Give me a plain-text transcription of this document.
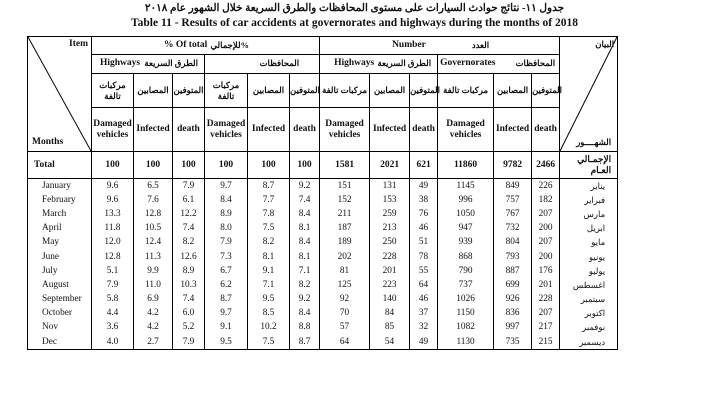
جدول ١١- نتائج حوادث السيارات على مستوى المحافظات والطرق السريعة خلال الشهور عام ٢٠١٨
Table 11 - Results of car accidents at governorates and highways during the months of 2018
Item
Months	% Of total %للإجمالي						Number العدد						البيان
الشهــــور

	Highways الطرق السريعة			المحافظات			Highways الطرق السريعة			Governorates المحافظات			

	مركبات تالفة	المصابين	المتوفين	مركبات تالفة	المصابين	المتوفين	مركبات تالفة	المصابين	المتوفين	مركبات تالفة	المصابين	المتوفين	
	Damaged vehicles	Infected	death	Damaged vehicles	Infected	death	Damaged vehicles	Infected	death	Damaged vehicles	Infected	death	
Total	100	100	100	100	100	100	1581	2021	621	11860	9782	2466	الإجمـالي العـام
January	9.6	6.5	7.9	9.7	8.7	9.2	151	131	49	1145	849	226	يناير
February	9.6	7.6	6.1	8.4	7.7	7.4	152	153	38	996	757	182	فبراير
March	13.3	12.8	12.2	8.9	7.8	8.4	211	259	76	1050	767	207	مارس
April	11.8	10.5	7.4	8.0	7.5	8.1	187	213	46	947	732	200	ابريل
May	12.0	12.4	8.2	7.9	8.2	8.4	189	250	51	939	804	207	مايو
June	12.8	11.3	12.6	7.3	8.1	8.1	202	228	78	868	793	200	يونيو
July	5.1	9.9	8.9	6.7	9.1	7.1	81	201	55	790	887	176	يوليو
August	7.9	11.0	10.3	6.2	7.1	8.2	125	223	64	737	699	201	اغسطس
September	5.8	6.9	7.4	8.7	9.5	9.2	92	140	46	1026	926	228	سبتمبر
October	4.4	4.2	6.0	9.7	8.5	8.4	70	84	37	1150	836	207	اكتوبر
Nov	3.6	4.2	5.2	9.1	10.2	8.8	57	85	32	1082	997	217	نوفمبر
Dec	4.0	2.7	7.9	9.5	7.5	8.7	64	54	49	1130	735	215	ديسمبر
